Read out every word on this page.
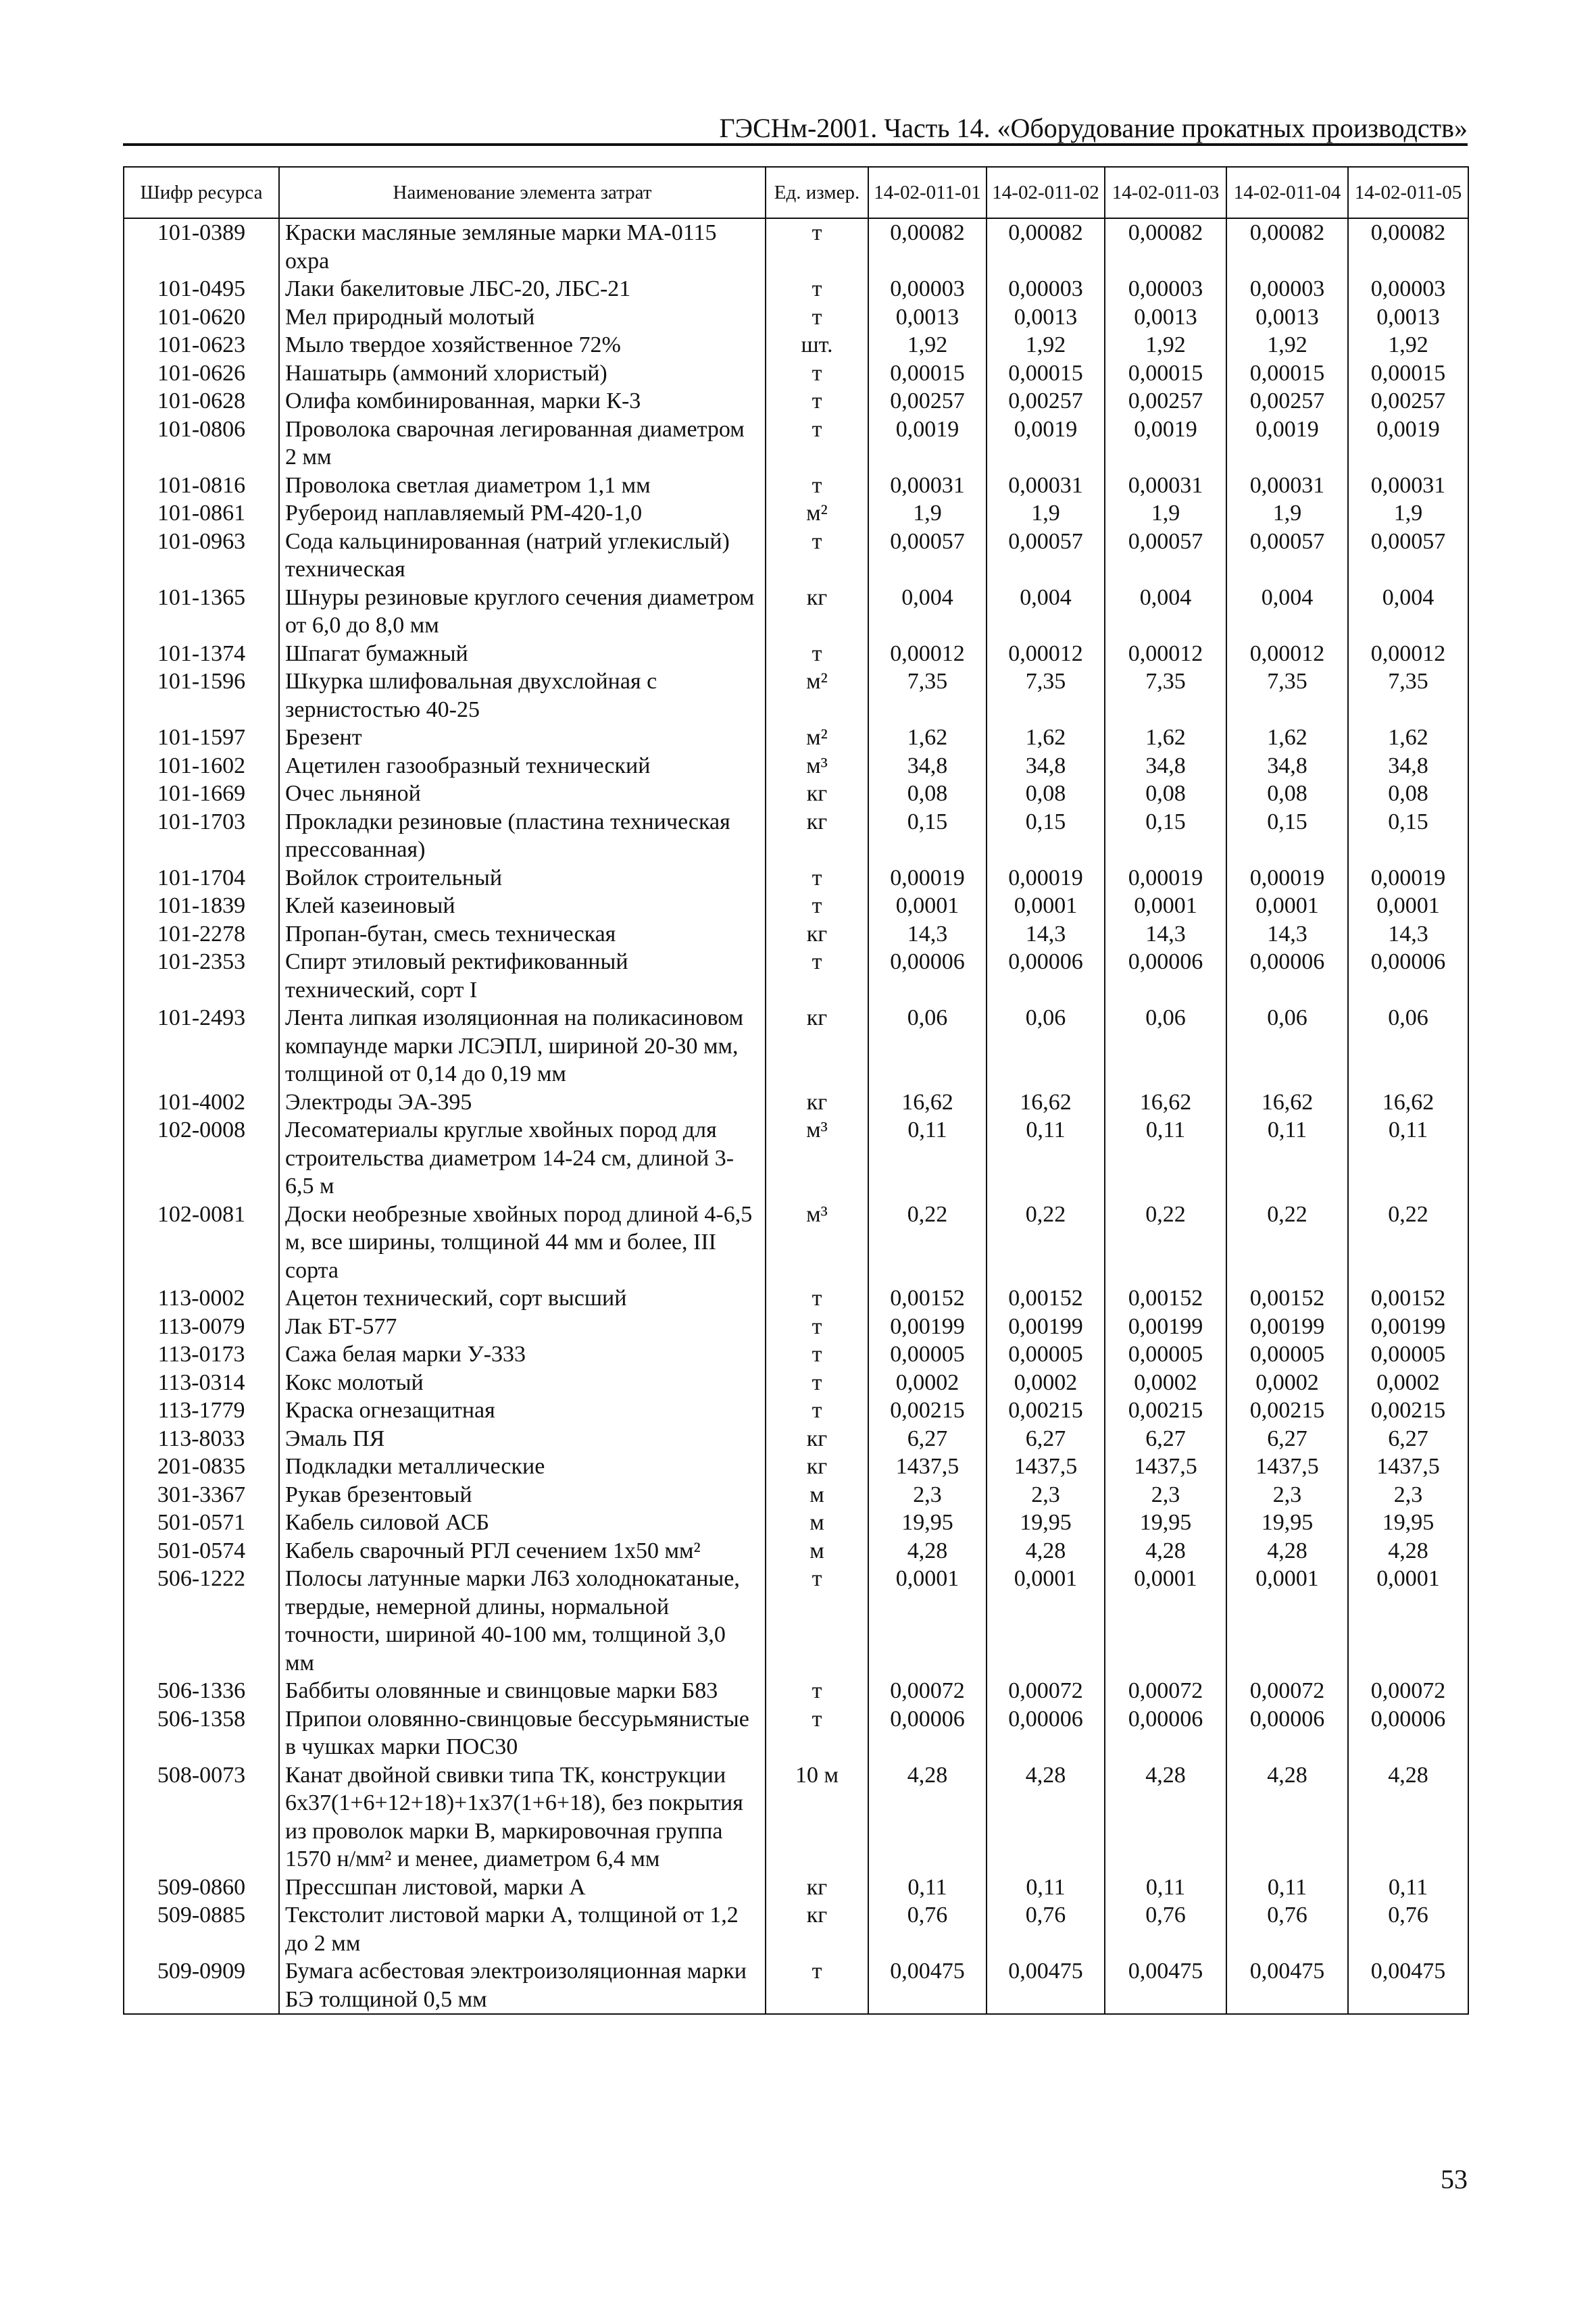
ГЭСНм-2001. Часть 14. «Оборудование прокатных производств»
Шифр ресурса	Наименование элемента затрат	Ед. измер.	14-02-011-01	14-02-011-02	14-02-011-03	14-02-011-04	14-02-011-05
101-0389	Краски масляные земляные марки МА-0115 охра	т	0,00082	0,00082	0,00082	0,00082	0,00082
101-0495	Лаки бакелитовые ЛБС-20, ЛБС-21	т	0,00003	0,00003	0,00003	0,00003	0,00003
101-0620	Мел природный молотый	т	0,0013	0,0013	0,0013	0,0013	0,0013
101-0623	Мыло твердое хозяйственное 72%	шт.	1,92	1,92	1,92	1,92	1,92
101-0626	Нашатырь (аммоний хлористый)	т	0,00015	0,00015	0,00015	0,00015	0,00015
101-0628	Олифа комбинированная, марки К-3	т	0,00257	0,00257	0,00257	0,00257	0,00257
101-0806	Проволока сварочная легированная диаметром 2 мм	т	0,0019	0,0019	0,0019	0,0019	0,0019
101-0816	Проволока светлая диаметром 1,1 мм	т	0,00031	0,00031	0,00031	0,00031	0,00031
101-0861	Рубероид наплавляемый РМ-420-1,0	м²	1,9	1,9	1,9	1,9	1,9
101-0963	Сода кальцинированная (натрий углекислый) техническая	т	0,00057	0,00057	0,00057	0,00057	0,00057
101-1365	Шнуры резиновые круглого сечения диаметром от 6,0 до 8,0 мм	кг	0,004	0,004	0,004	0,004	0,004
101-1374	Шпагат бумажный	т	0,00012	0,00012	0,00012	0,00012	0,00012
101-1596	Шкурка шлифовальная двухслойная с зернистостью 40-25	м²	7,35	7,35	7,35	7,35	7,35
101-1597	Брезент	м²	1,62	1,62	1,62	1,62	1,62
101-1602	Ацетилен газообразный технический	м³	34,8	34,8	34,8	34,8	34,8
101-1669	Очес льняной	кг	0,08	0,08	0,08	0,08	0,08
101-1703	Прокладки резиновые (пластина техническая прессованная)	кг	0,15	0,15	0,15	0,15	0,15
101-1704	Войлок строительный	т	0,00019	0,00019	0,00019	0,00019	0,00019
101-1839	Клей казеиновый	т	0,0001	0,0001	0,0001	0,0001	0,0001
101-2278	Пропан-бутан, смесь техническая	кг	14,3	14,3	14,3	14,3	14,3
101-2353	Спирт этиловый ректификованный технический, сорт I	т	0,00006	0,00006	0,00006	0,00006	0,00006
101-2493	Лента липкая изоляционная на поликасиновом компаунде марки ЛСЭПЛ, шириной 20-30 мм, толщиной от 0,14 до 0,19 мм	кг	0,06	0,06	0,06	0,06	0,06
101-4002	Электроды ЭА-395	кг	16,62	16,62	16,62	16,62	16,62
102-0008	Лесоматериалы круглые хвойных пород для строительства диаметром 14-24 см, длиной 3-6,5 м	м³	0,11	0,11	0,11	0,11	0,11
102-0081	Доски необрезные хвойных пород длиной 4-6,5 м, все ширины, толщиной 44 мм и более, III сорта	м³	0,22	0,22	0,22	0,22	0,22
113-0002	Ацетон технический, сорт высший	т	0,00152	0,00152	0,00152	0,00152	0,00152
113-0079	Лак БТ-577	т	0,00199	0,00199	0,00199	0,00199	0,00199
113-0173	Сажа белая марки У-333	т	0,00005	0,00005	0,00005	0,00005	0,00005
113-0314	Кокс молотый	т	0,0002	0,0002	0,0002	0,0002	0,0002
113-1779	Краска огнезащитная	т	0,00215	0,00215	0,00215	0,00215	0,00215
113-8033	Эмаль ПЯ	кг	6,27	6,27	6,27	6,27	6,27
201-0835	Подкладки металлические	кг	1437,5	1437,5	1437,5	1437,5	1437,5
301-3367	Рукав брезентовый	м	2,3	2,3	2,3	2,3	2,3
501-0571	Кабель силовой АСБ	м	19,95	19,95	19,95	19,95	19,95
501-0574	Кабель сварочный РГЛ сечением 1х50 мм²	м	4,28	4,28	4,28	4,28	4,28
506-1222	Полосы латунные марки Л63 холоднокатаные, твердые, немерной длины, нормальной точности, шириной 40-100 мм, толщиной 3,0 мм	т	0,0001	0,0001	0,0001	0,0001	0,0001
506-1336	Баббиты оловянные и свинцовые марки Б83	т	0,00072	0,00072	0,00072	0,00072	0,00072
506-1358	Припои оловянно-свинцовые бессурьмянистые в чушках марки ПОС30	т	0,00006	0,00006	0,00006	0,00006	0,00006
508-0073	Канат двойной свивки типа ТК, конструкции 6х37(1+6+12+18)+1х37(1+6+18), без покрытия из проволок марки В, маркировочная группа 1570 н/мм² и менее, диаметром 6,4 мм	10 м	4,28	4,28	4,28	4,28	4,28
509-0860	Прессшпан листовой, марки А	кг	0,11	0,11	0,11	0,11	0,11
509-0885	Текстолит листовой марки А, толщиной от 1,2 до 2 мм	кг	0,76	0,76	0,76	0,76	0,76
509-0909	Бумага асбестовая электроизоляционная марки БЭ толщиной 0,5 мм	т	0,00475	0,00475	0,00475	0,00475	0,00475
53
